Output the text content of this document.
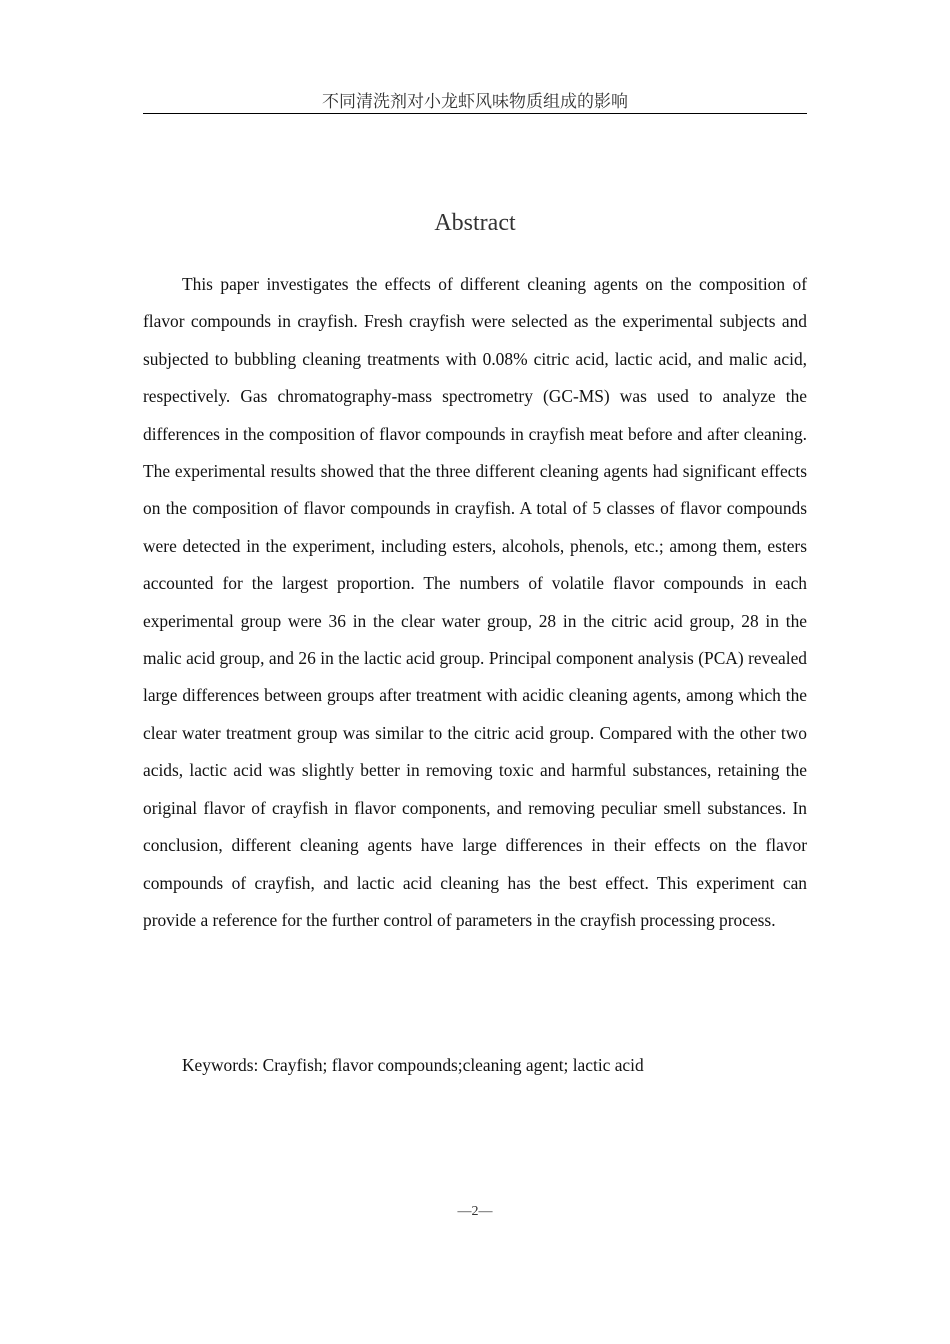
不同清洗剂对小龙虾风味物质组成的影响
Abstract

This paper investigates the effects of different cleaning agents on the composition of flavor compounds in crayfish. Fresh crayfish were selected as the experimental subjects and subjected to bubbling cleaning treatments with 0.08% citric acid, lactic acid, and malic acid, respectively. Gas chromatography-mass spectrometry (GC-MS) was used to analyze the differences in the composition of flavor compounds in crayfish meat before and after cleaning. The experimental results showed that the three different cleaning agents had significant effects on the composition of flavor compounds in crayfish. A total of 5 classes of flavor compounds were detected in the experiment, including esters, alcohols, phenols, etc.; among them, esters accounted for the largest proportion. The numbers of volatile flavor compounds in each experimental group were 36 in the clear water group, 28 in the citric acid group, 28 in the malic acid group, and 26 in the lactic acid group. Principal component analysis (PCA) revealed large differences between groups after treatment with acidic cleaning agents, among which the clear water treatment group was similar to the citric acid group. Compared with the other two acids, lactic acid was slightly better in removing toxic and harmful substances, retaining the original flavor of crayfish in flavor components, and removing peculiar smell substances. In conclusion, different cleaning agents have large differences in their effects on the flavor compounds of crayfish, and lactic acid cleaning has the best effect. This experiment can provide a reference for the further control of parameters in the crayfish processing process.

Keywords: Crayfish; flavor compounds;cleaning agent; lactic acid
—2—
